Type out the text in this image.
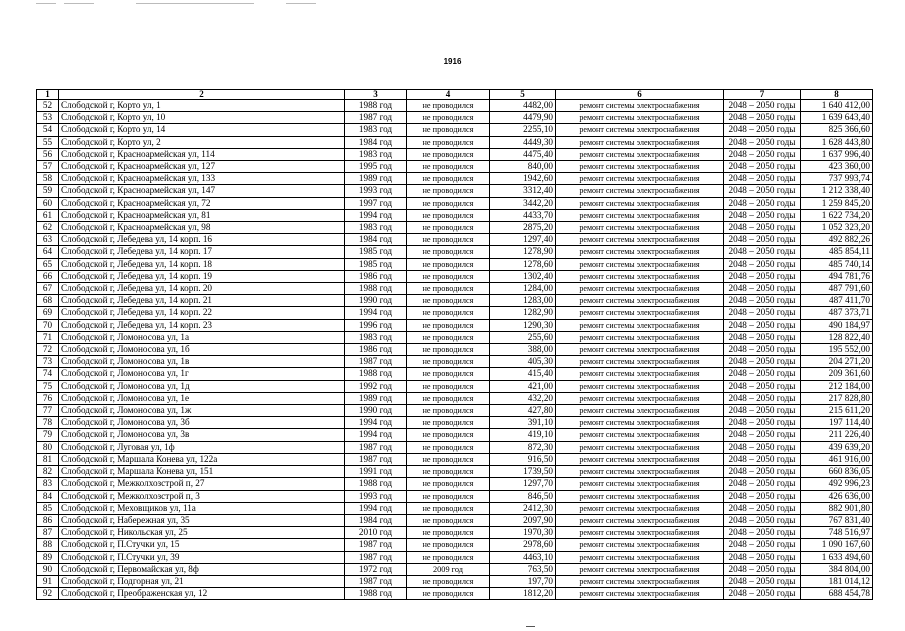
1916
1	2	3	4	5	6	7	8
52	Слободской г, Корто ул, 1	1988 год	не проводился	4482,00	ремонт системы электроснабжения	2048 – 2050 годы	1 640 412,00
53	Слободской г, Корто ул, 10	1987 год	не проводился	4479,90	ремонт системы электроснабжения	2048 – 2050 годы	1 639 643,40
54	Слободской г, Корто ул, 14	1983 год	не проводился	2255,10	ремонт системы электроснабжения	2048 – 2050 годы	825 366,60
55	Слободской г, Корто ул, 2	1984 год	не проводился	4449,30	ремонт системы электроснабжения	2048 – 2050 годы	1 628 443,80
56	Слободской г, Красноармейская ул, 114	1983 год	не проводился	4475,40	ремонт системы электроснабжения	2048 – 2050 годы	1 637 996,40
57	Слободской г, Красноармейская ул, 127	1995 год	не проводился	840,00	ремонт системы электроснабжения	2048 – 2050 годы	423 360,00
58	Слободской г, Красноармейская ул, 133	1989 год	не проводился	1942,60	ремонт системы электроснабжения	2048 – 2050 годы	737 993,74
59	Слободской г, Красноармейская ул, 147	1993 год	не проводился	3312,40	ремонт системы электроснабжения	2048 – 2050 годы	1 212 338,40
60	Слободской г, Красноармейская ул, 72	1997 год	не проводился	3442,20	ремонт системы электроснабжения	2048 – 2050 годы	1 259 845,20
61	Слободской г, Красноармейская ул, 81	1994 год	не проводился	4433,70	ремонт системы электроснабжения	2048 – 2050 годы	1 622 734,20
62	Слободской г, Красноармейская ул, 98	1983 год	не проводился	2875,20	ремонт системы электроснабжения	2048 – 2050 годы	1 052 323,20
63	Слободской г, Лебедева ул, 14 корп. 16	1984 год	не проводился	1297,40	ремонт системы электроснабжения	2048 – 2050 годы	492 882,26
64	Слободской г, Лебедева ул, 14 корп. 17	1985 год	не проводился	1278,90	ремонт системы электроснабжения	2048 – 2050 годы	485 854,11
65	Слободской г, Лебедева ул, 14 корп. 18	1985 год	не проводился	1278,60	ремонт системы электроснабжения	2048 – 2050 годы	485 740,14
66	Слободской г, Лебедева ул, 14 корп. 19	1986 год	не проводился	1302,40	ремонт системы электроснабжения	2048 – 2050 годы	494 781,76
67	Слободской г, Лебедева ул, 14 корп. 20	1988 год	не проводился	1284,00	ремонт системы электроснабжения	2048 – 2050 годы	487 791,60
68	Слободской г, Лебедева ул, 14 корп. 21	1990 год	не проводился	1283,00	ремонт системы электроснабжения	2048 – 2050 годы	487 411,70
69	Слободской г, Лебедева ул, 14 корп. 22	1994 год	не проводился	1282,90	ремонт системы электроснабжения	2048 – 2050 годы	487 373,71
70	Слободской г, Лебедева ул, 14 корп. 23	1996 год	не проводился	1290,30	ремонт системы электроснабжения	2048 – 2050 годы	490 184,97
71	Слободской г, Ломоносова ул, 1а	1983 год	не проводился	255,60	ремонт системы электроснабжения	2048 – 2050 годы	128 822,40
72	Слободской г, Ломоносова ул, 1б	1986 год	не проводился	388,00	ремонт системы электроснабжения	2048 – 2050 годы	195 552,00
73	Слободской г, Ломоносова ул, 1в	1987 год	не проводился	405,30	ремонт системы электроснабжения	2048 – 2050 годы	204 271,20
74	Слободской г, Ломоносова ул, 1г	1988 год	не проводился	415,40	ремонт системы электроснабжения	2048 – 2050 годы	209 361,60
75	Слободской г, Ломоносова ул, 1д	1992 год	не проводился	421,00	ремонт системы электроснабжения	2048 – 2050 годы	212 184,00
76	Слободской г, Ломоносова ул, 1е	1989 год	не проводился	432,20	ремонт системы электроснабжения	2048 – 2050 годы	217 828,80
77	Слободской г, Ломоносова ул, 1ж	1990 год	не проводился	427,80	ремонт системы электроснабжения	2048 – 2050 годы	215 611,20
78	Слободской г, Ломоносова ул, 3б	1994 год	не проводился	391,10	ремонт системы электроснабжения	2048 – 2050 годы	197 114,40
79	Слободской г, Ломоносова ул, 3в	1994 год	не проводился	419,10	ремонт системы электроснабжения	2048 – 2050 годы	211 226,40
80	Слободской г, Луговая ул, 1ф	1987 год	не проводился	872,30	ремонт системы электроснабжения	2048 – 2050 годы	439 639,20
81	Слободской г, Маршала Конева ул, 122а	1987 год	не проводился	916,50	ремонт системы электроснабжения	2048 – 2050 годы	461 916,00
82	Слободской г, Маршала Конева ул, 151	1991 год	не проводился	1739,50	ремонт системы электроснабжения	2048 – 2050 годы	660 836,05
83	Слободской г, Межколхозстрой п, 27	1988 год	не проводился	1297,70	ремонт системы электроснабжения	2048 – 2050 годы	492 996,23
84	Слободской г, Межколхозстрой п, 3	1993 год	не проводился	846,50	ремонт системы электроснабжения	2048 – 2050 годы	426 636,00
85	Слободской г, Меховщиков ул, 11а	1994 год	не проводился	2412,30	ремонт системы электроснабжения	2048 – 2050 годы	882 901,80
86	Слободской г, Набережная ул, 35	1984 год	не проводился	2097,90	ремонт системы электроснабжения	2048 – 2050 годы	767 831,40
87	Слободской г, Никольская ул, 25	2010 год	не проводился	1970,30	ремонт системы электроснабжения	2048 – 2050 годы	748 516,97
88	Слободской г, П.Стучки ул, 15	1987 год	не проводился	2978,60	ремонт системы электроснабжения	2048 – 2050 годы	1 090 167,60
89	Слободской г, П.Стучки ул, 39	1987 год	не проводился	4463,10	ремонт системы электроснабжения	2048 – 2050 годы	1 633 494,60
90	Слободской г, Первомайская ул, 8ф	1972 год	2009 год	763,50	ремонт системы электроснабжения	2048 – 2050 годы	384 804,00
91	Слободской г, Подгорная ул, 21	1987 год	не проводился	197,70	ремонт системы электроснабжения	2048 – 2050 годы	181 014,12
92	Слободской г, Преображенская ул, 12	1988 год	не проводился	1812,20	ремонт системы электроснабжения	2048 – 2050 годы	688 454,78
